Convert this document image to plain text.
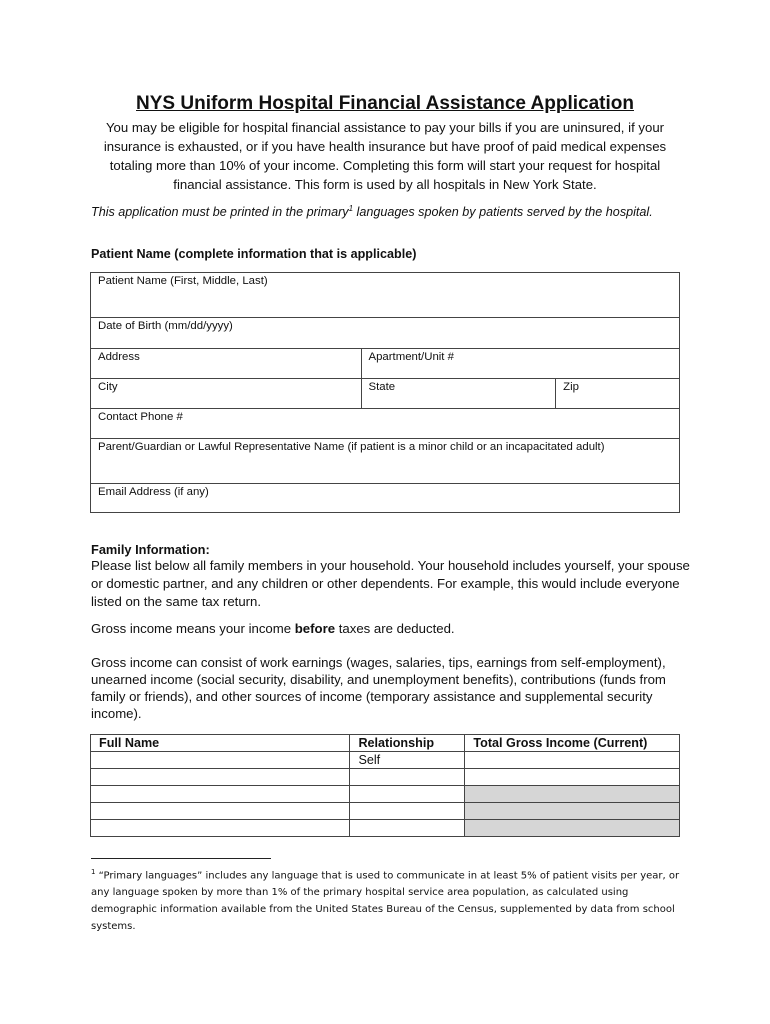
NYS Uniform Hospital Financial Assistance Application

You may be eligible for hospital financial assistance to pay your bills if you are uninsured, if your insurance is exhausted, or if you have health insurance but have proof of paid medical expenses totaling more than 10% of your income. Completing this form will start your request for hospital financial assistance. This form is used by all hospitals in New York State.

This application must be printed in the primary$^1$ languages spoken by patients served by the hospital.

Patient Name (complete information that is applicable)

Patient Name (First, Middle, Last)		
Date of Birth (mm/dd/yyyy)		
Address	Apartment/Unit #	
City	State	Zip
Contact Phone #		
Parent/Guardian or Lawful Representative Name (if patient is a minor child or an incapacitated adult)		
Email Address (if any)		

Family Information:

Please list below all family members in your household. Your household includes yourself, your spouse or domestic partner, and any children or other dependents. For example, this would include everyone listed on the same tax return.

Gross income means your income before taxes are deducted.

Gross income can consist of work earnings (wages, salaries, tips, earnings from self-employment), unearned income (social security, disability, and unemployment benefits), contributions (funds from family or friends), and other sources of income (temporary assistance and supplemental security income).

Full Name	Relationship	Total Gross Income (Current)
	Self	

$^1$ “Primary languages” includes any language that is used to communicate in at least 5% of patient visits per year, or any language spoken by more than 1% of the primary hospital service area population, as calculated using demographic information available from the United States Bureau of the Census, supplemented by data from school systems.
